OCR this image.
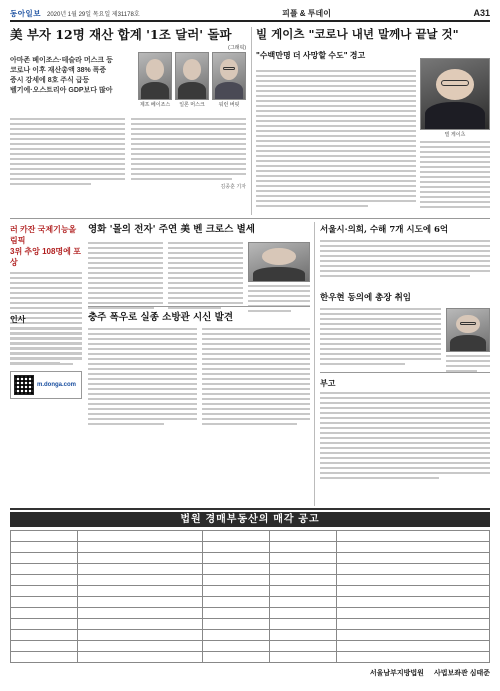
동아일보 2020년 1월 29일 목요일 제31178호	피플 & 투데이	A31
美 부자 12명 재산 합계 '1조 달러' 돌파
(그래픽)
아마존 베이조스·테슬라 머스크 등
코로나 이후 재산총액 38% 폭증
증시 강세에 8호 주식 급등
벨기에·오스트리아 GDP보다 많아
제프 베이조스	일론 머스크	워런 버핏
김종훈 기자
빌 게이츠 "코로나 내년 말께나 끝날 것"
"수백만명 더 사망할 수도" 경고
빌 게이츠
러 카잔 국제기능올림픽
3위 추앙 108명에 포상
영화 '몰의 전자' 주연 美 벤 크로스 별세
충주 폭우로 실종 소방관 시신 발견
인사
m.donga.com
한우현 동의에 총장 취임
서울시·의회, 수해 7개 시도에 6억
부고
법원 경매부동산의 매각 공고

서울남부지방법원 사법보좌관 심태준
